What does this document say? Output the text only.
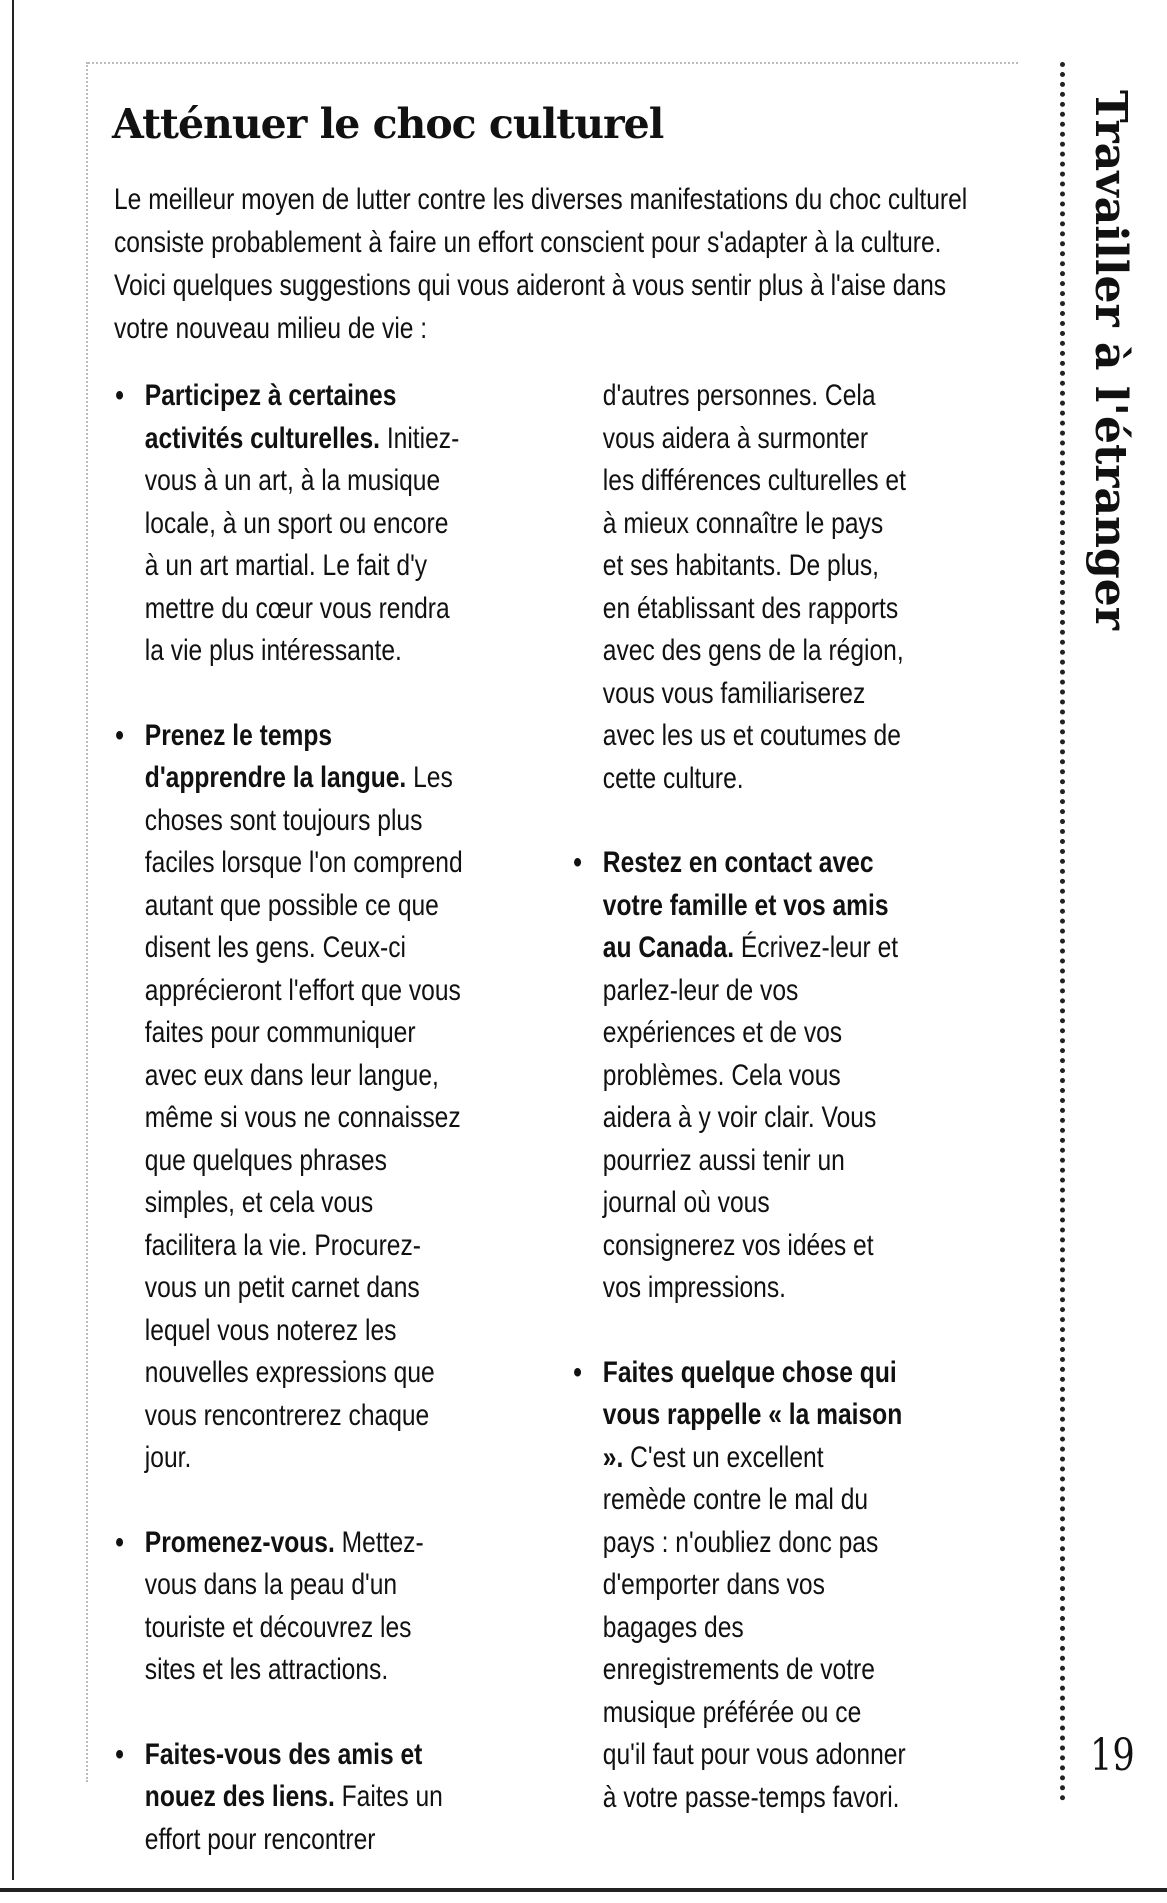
Atténuer le choc culturel

Le meilleur moyen de lutter contre les diverses manifestations du choc culturel consiste probablement à faire un effort conscient pour s'adapter à la culture. Voici quelques suggestions qui vous aideront à vous sentir plus à l'aise dans votre nouveau milieu de vie :

• Participez à certaines activités culturelles. Initiez-vous à un art, à la musique locale, à un sport ou encore à un art martial. Le fait d'y mettre du cœur vous rendra la vie plus intéressante.
• Prenez le temps d'apprendre la langue. Les choses sont toujours plus faciles lorsque l'on comprend autant que possible ce que disent les gens. Ceux-ci apprécieront l'effort que vous faites pour communiquer avec eux dans leur langue, même si vous ne connaissez que quelques phrases simples, et cela vous facilitera la vie. Procurez-vous un petit carnet dans lequel vous noterez les nouvelles expressions que vous rencontrerez chaque jour.
• Promenez-vous. Mettez-vous dans la peau d'un touriste et découvrez les sites et les attractions.
• Faites-vous des amis et nouez des liens. Faites un effort pour rencontrer
d'autres personnes. Cela vous aidera à surmonter les différences culturelles et à mieux connaître le pays et ses habitants. De plus, en établissant des rapports avec des gens de la région, vous vous familiariserez avec les us et coutumes de cette culture.
• Restez en contact avec votre famille et vos amis au Canada. Écrivez-leur et parlez-leur de vos expériences et de vos problèmes. Cela vous aidera à y voir clair. Vous pourriez aussi tenir un journal où vous consignerez vos idées et vos impressions.
• Faites quelque chose qui vous rappelle « la maison ». C'est un excellent remède contre le mal du pays : n'oubliez donc pas d'emporter dans vos bagages des enregistrements de votre musique préférée ou ce qu'il faut pour vous adonner à votre passe-temps favori.
Travailler à l'étranger
19
